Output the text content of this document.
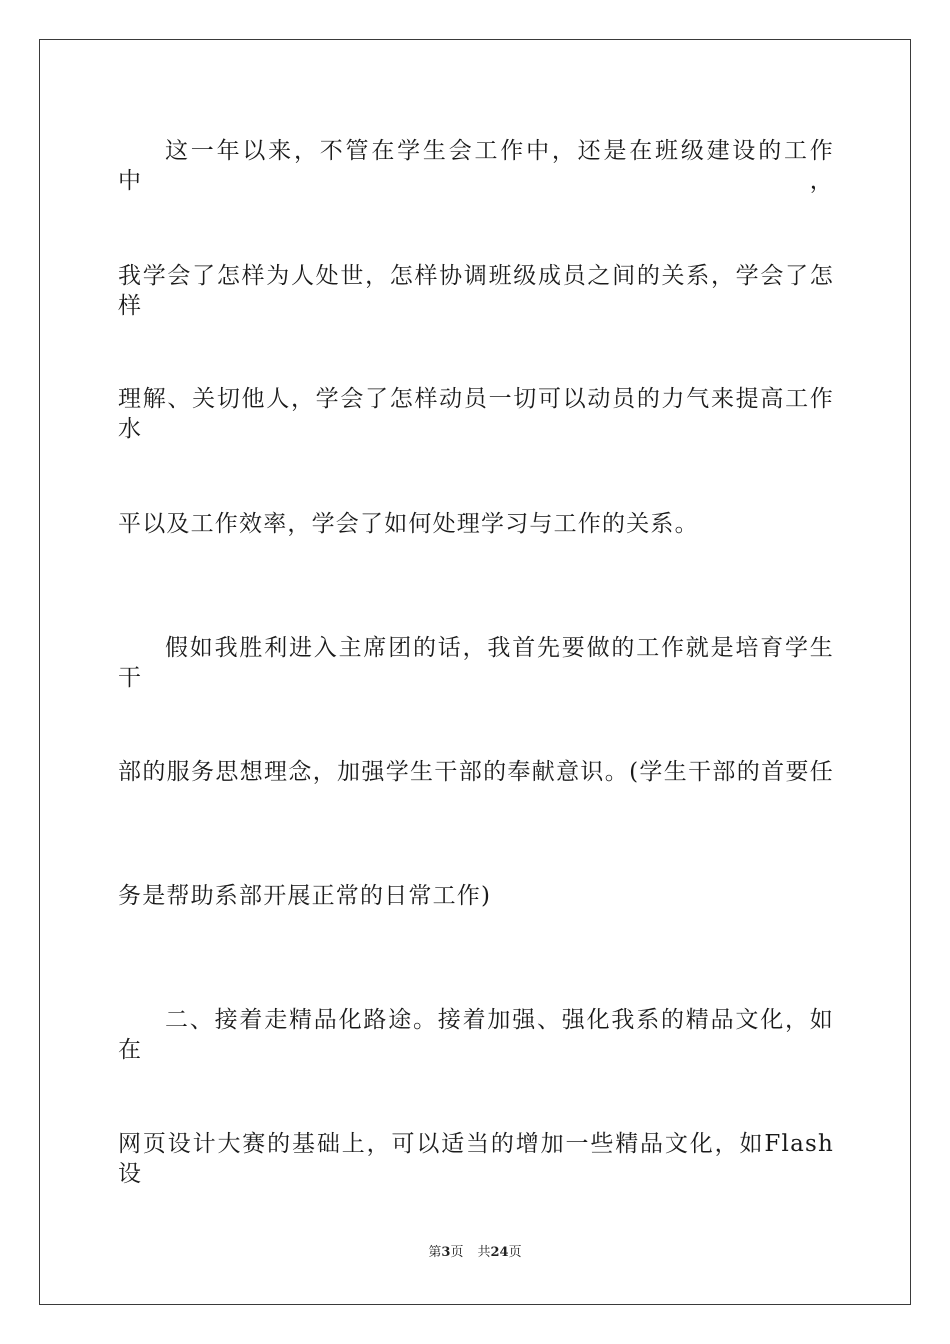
这一年以来，不管在学生会工作中，还是在班级建设的工作中，
我学会了怎样为人处世，怎样协调班级成员之间的关系，学会了怎样
理解、关切他人，学会了怎样动员一切可以动员的力气来提高工作水
平以及工作效率，学会了如何处理学习与工作的关系。
假如我胜利进入主席团的话，我首先要做的工作就是培育学生干
部的服务思想理念，加强学生干部的奉献意识。(学生干部的首要任
务是帮助系部开展正常的日常工作)
二、接着走精品化路途。接着加强、强化我系的精品文化，如在
网页设计大赛的基础上，可以适当的增加一些精品文化，如Flash设
第3页 共24页
